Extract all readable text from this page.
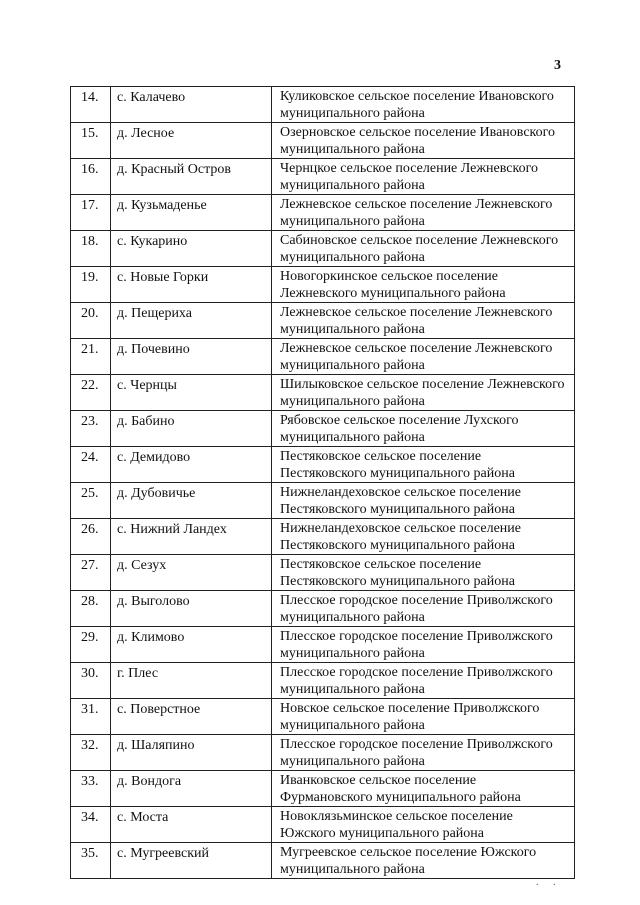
3
14.	с. Калачево	Куликовское сельское поселение Ивановского муниципального района
15.	д. Лесное	Озерновское сельское поселение Ивановского муниципального района
16.	д. Красный Остров	Чернцкое сельское поселение Лежневского муниципального района
17.	д. Кузьмаденье	Лежневское сельское поселение Лежневского муниципального района
18.	с. Кукарино	Сабиновское сельское поселение Лежневского муниципального района
19.	с. Новые Горки	Новогоркинское сельское поселение Лежневского муниципального района
20.	д. Пещериха	Лежневское сельское поселение Лежневского муниципального района
21.	д. Почевино	Лежневское сельское поселение Лежневского муниципального района
22.	с. Чернцы	Шилыковское сельское поселение Лежневского муниципального района
23.	д. Бабино	Рябовское сельское поселение Лухского муниципального района
24.	с. Демидово	Пестяковское сельское поселение Пестяковского муниципального района
25.	д. Дубовичье	Нижнеландеховское сельское поселение Пестяковского муниципального района
26.	с. Нижний Ландех	Нижнеландеховское сельское поселение Пестяковского муниципального района
27.	д. Сезух	Пестяковское сельское поселение Пестяковского муниципального района
28.	д. Выголово	Плесское городское поселение Приволжского муниципального района
29.	д. Климово	Плесское городское поселение Приволжского муниципального района
30.	г. Плес	Плесское городское поселение Приволжского муниципального района
31.	с. Поверстное	Новское сельское поселение Приволжского муниципального района
32.	д. Шаляпино	Плесское городское поселение Приволжского муниципального района
33.	д. Вондога	Иванковское сельское поселение Фурмановского муниципального района
34.	с. Моста	Новоклязьминское сельское поселение Южского муниципального района
35.	с. Мугреевский	Мугреевское сельское поселение Южского муниципального района
. .
